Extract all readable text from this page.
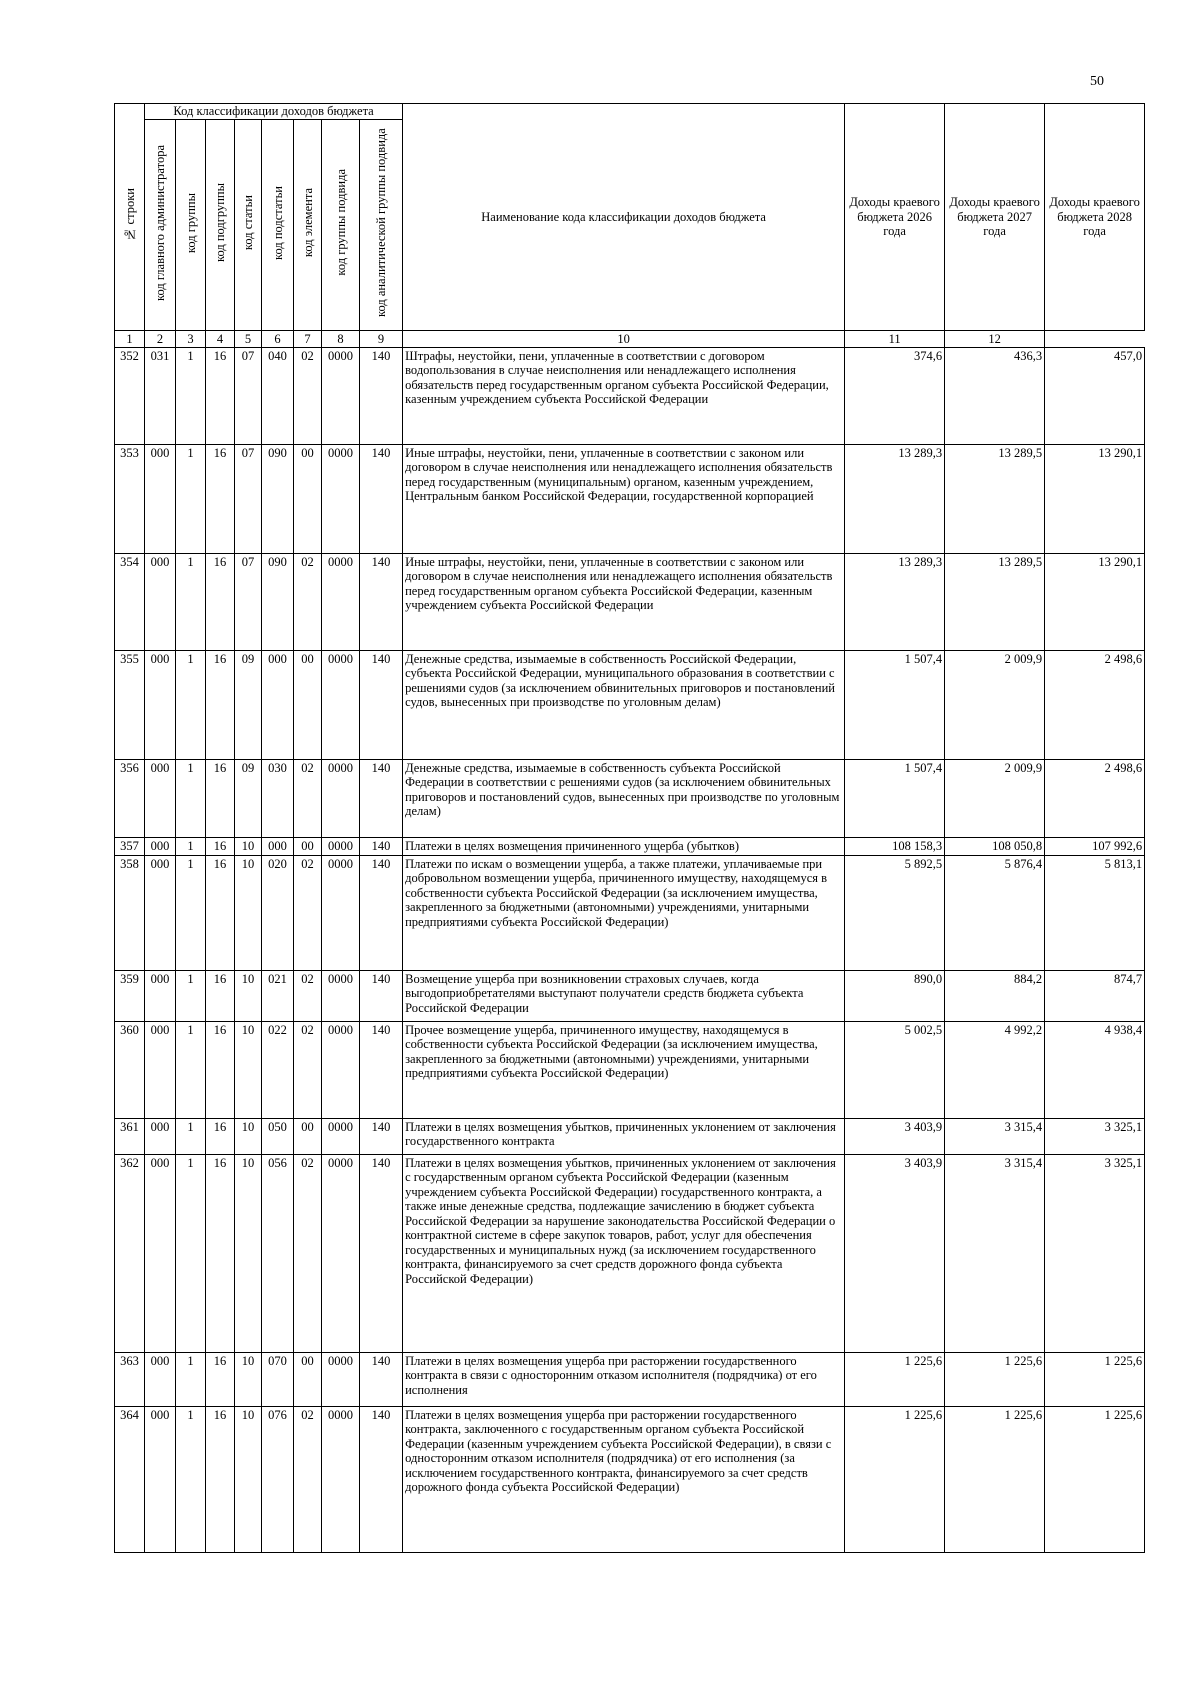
50
№ строки	Код классификации доходов бюджета								Наименование кода классификации доходов бюджета	Доходы краевого бюджета 2026 года	Доходы краевого бюджета 2027 года	Доходы краевого бюджета 2028 года
	код главного администратора	код группы	код подгруппы	код статьи	код подстатьи	код элемента	код группы подвида	код аналитической группы подвида				
1	2	3	4	5	6	7	8	9	10	11	12	
352	031	1	16	07	040	02	0000	140	Штрафы, неустойки, пени, уплаченные в соответствии с договором водопользования в случае неисполнения или ненадлежащего исполнения обязательств перед государственным органом субъекта Российской Федерации, казенным учреждением субъекта Российской Федерации	374,6	436,3	457,0
353	000	1	16	07	090	00	0000	140	Иные штрафы, неустойки, пени, уплаченные в соответствии с законом или договором в случае неисполнения или ненадлежащего исполнения обязательств перед государственным (муниципальным) органом, казенным учреждением, Центральным банком Российской Федерации, государственной корпорацией	13 289,3	13 289,5	13 290,1
354	000	1	16	07	090	02	0000	140	Иные штрафы, неустойки, пени, уплаченные в соответствии с законом или договором в случае неисполнения или ненадлежащего исполнения обязательств перед государственным органом субъекта Российской Федерации, казенным учреждением субъекта Российской Федерации	13 289,3	13 289,5	13 290,1
355	000	1	16	09	000	00	0000	140	Денежные средства, изымаемые в собственность Российской Федерации, субъекта Российской Федерации, муниципального образования в соответствии с решениями судов (за исключением обвинительных приговоров и постановлений судов, вынесенных при производстве по уголовным делам)	1 507,4	2 009,9	2 498,6
356	000	1	16	09	030	02	0000	140	Денежные средства, изымаемые в собственность субъекта Российской Федерации в соответствии с решениями судов (за исключением обвинительных приговоров и постановлений судов, вынесенных при производстве по уголовным делам)	1 507,4	2 009,9	2 498,6
357	000	1	16	10	000	00	0000	140	Платежи в целях возмещения причиненного ущерба (убытков)	108 158,3	108 050,8	107 992,6
358	000	1	16	10	020	02	0000	140	Платежи по искам о возмещении ущерба, а также платежи, уплачиваемые при добровольном возмещении ущерба, причиненного имуществу, находящемуся в собственности субъекта Российской Федерации (за исключением имущества, закрепленного за бюджетными (автономными) учреждениями, унитарными предприятиями субъекта Российской Федерации)	5 892,5	5 876,4	5 813,1
359	000	1	16	10	021	02	0000	140	Возмещение ущерба при возникновении страховых случаев, когда выгодоприобретателями выступают получатели средств бюджета субъекта Российской Федерации	890,0	884,2	874,7
360	000	1	16	10	022	02	0000	140	Прочее возмещение ущерба, причиненного имуществу, находящемуся в собственности субъекта Российской Федерации (за исключением имущества, закрепленного за бюджетными (автономными) учреждениями, унитарными предприятиями субъекта Российской Федерации)	5 002,5	4 992,2	4 938,4
361	000	1	16	10	050	00	0000	140	Платежи в целях возмещения убытков, причиненных уклонением от заключения государственного контракта	3 403,9	3 315,4	3 325,1
362	000	1	16	10	056	02	0000	140	Платежи в целях возмещения убытков, причиненных уклонением от заключения с государственным органом субъекта Российской Федерации (казенным учреждением субъекта Российской Федерации) государственного контракта, а также иные денежные средства, подлежащие зачислению в бюджет субъекта Российской Федерации за нарушение законодательства Российской Федерации о контрактной системе в сфере закупок товаров, работ, услуг для обеспечения государственных и муниципальных нужд (за исключением государственного контракта, финансируемого за счет средств дорожного фонда субъекта Российской Федерации)	3 403,9	3 315,4	3 325,1
363	000	1	16	10	070	00	0000	140	Платежи в целях возмещения ущерба при расторжении государственного контракта в связи с односторонним отказом исполнителя (подрядчика) от его исполнения	1 225,6	1 225,6	1 225,6
364	000	1	16	10	076	02	0000	140	Платежи в целях возмещения ущерба при расторжении государственного контракта, заключенного с государственным органом субъекта Российской Федерации (казенным учреждением субъекта Российской Федерации), в связи с односторонним отказом исполнителя (подрядчика) от его исполнения (за исключением государственного контракта, финансируемого за счет средств дорожного фонда субъекта Российской Федерации)	1 225,6	1 225,6	1 225,6
